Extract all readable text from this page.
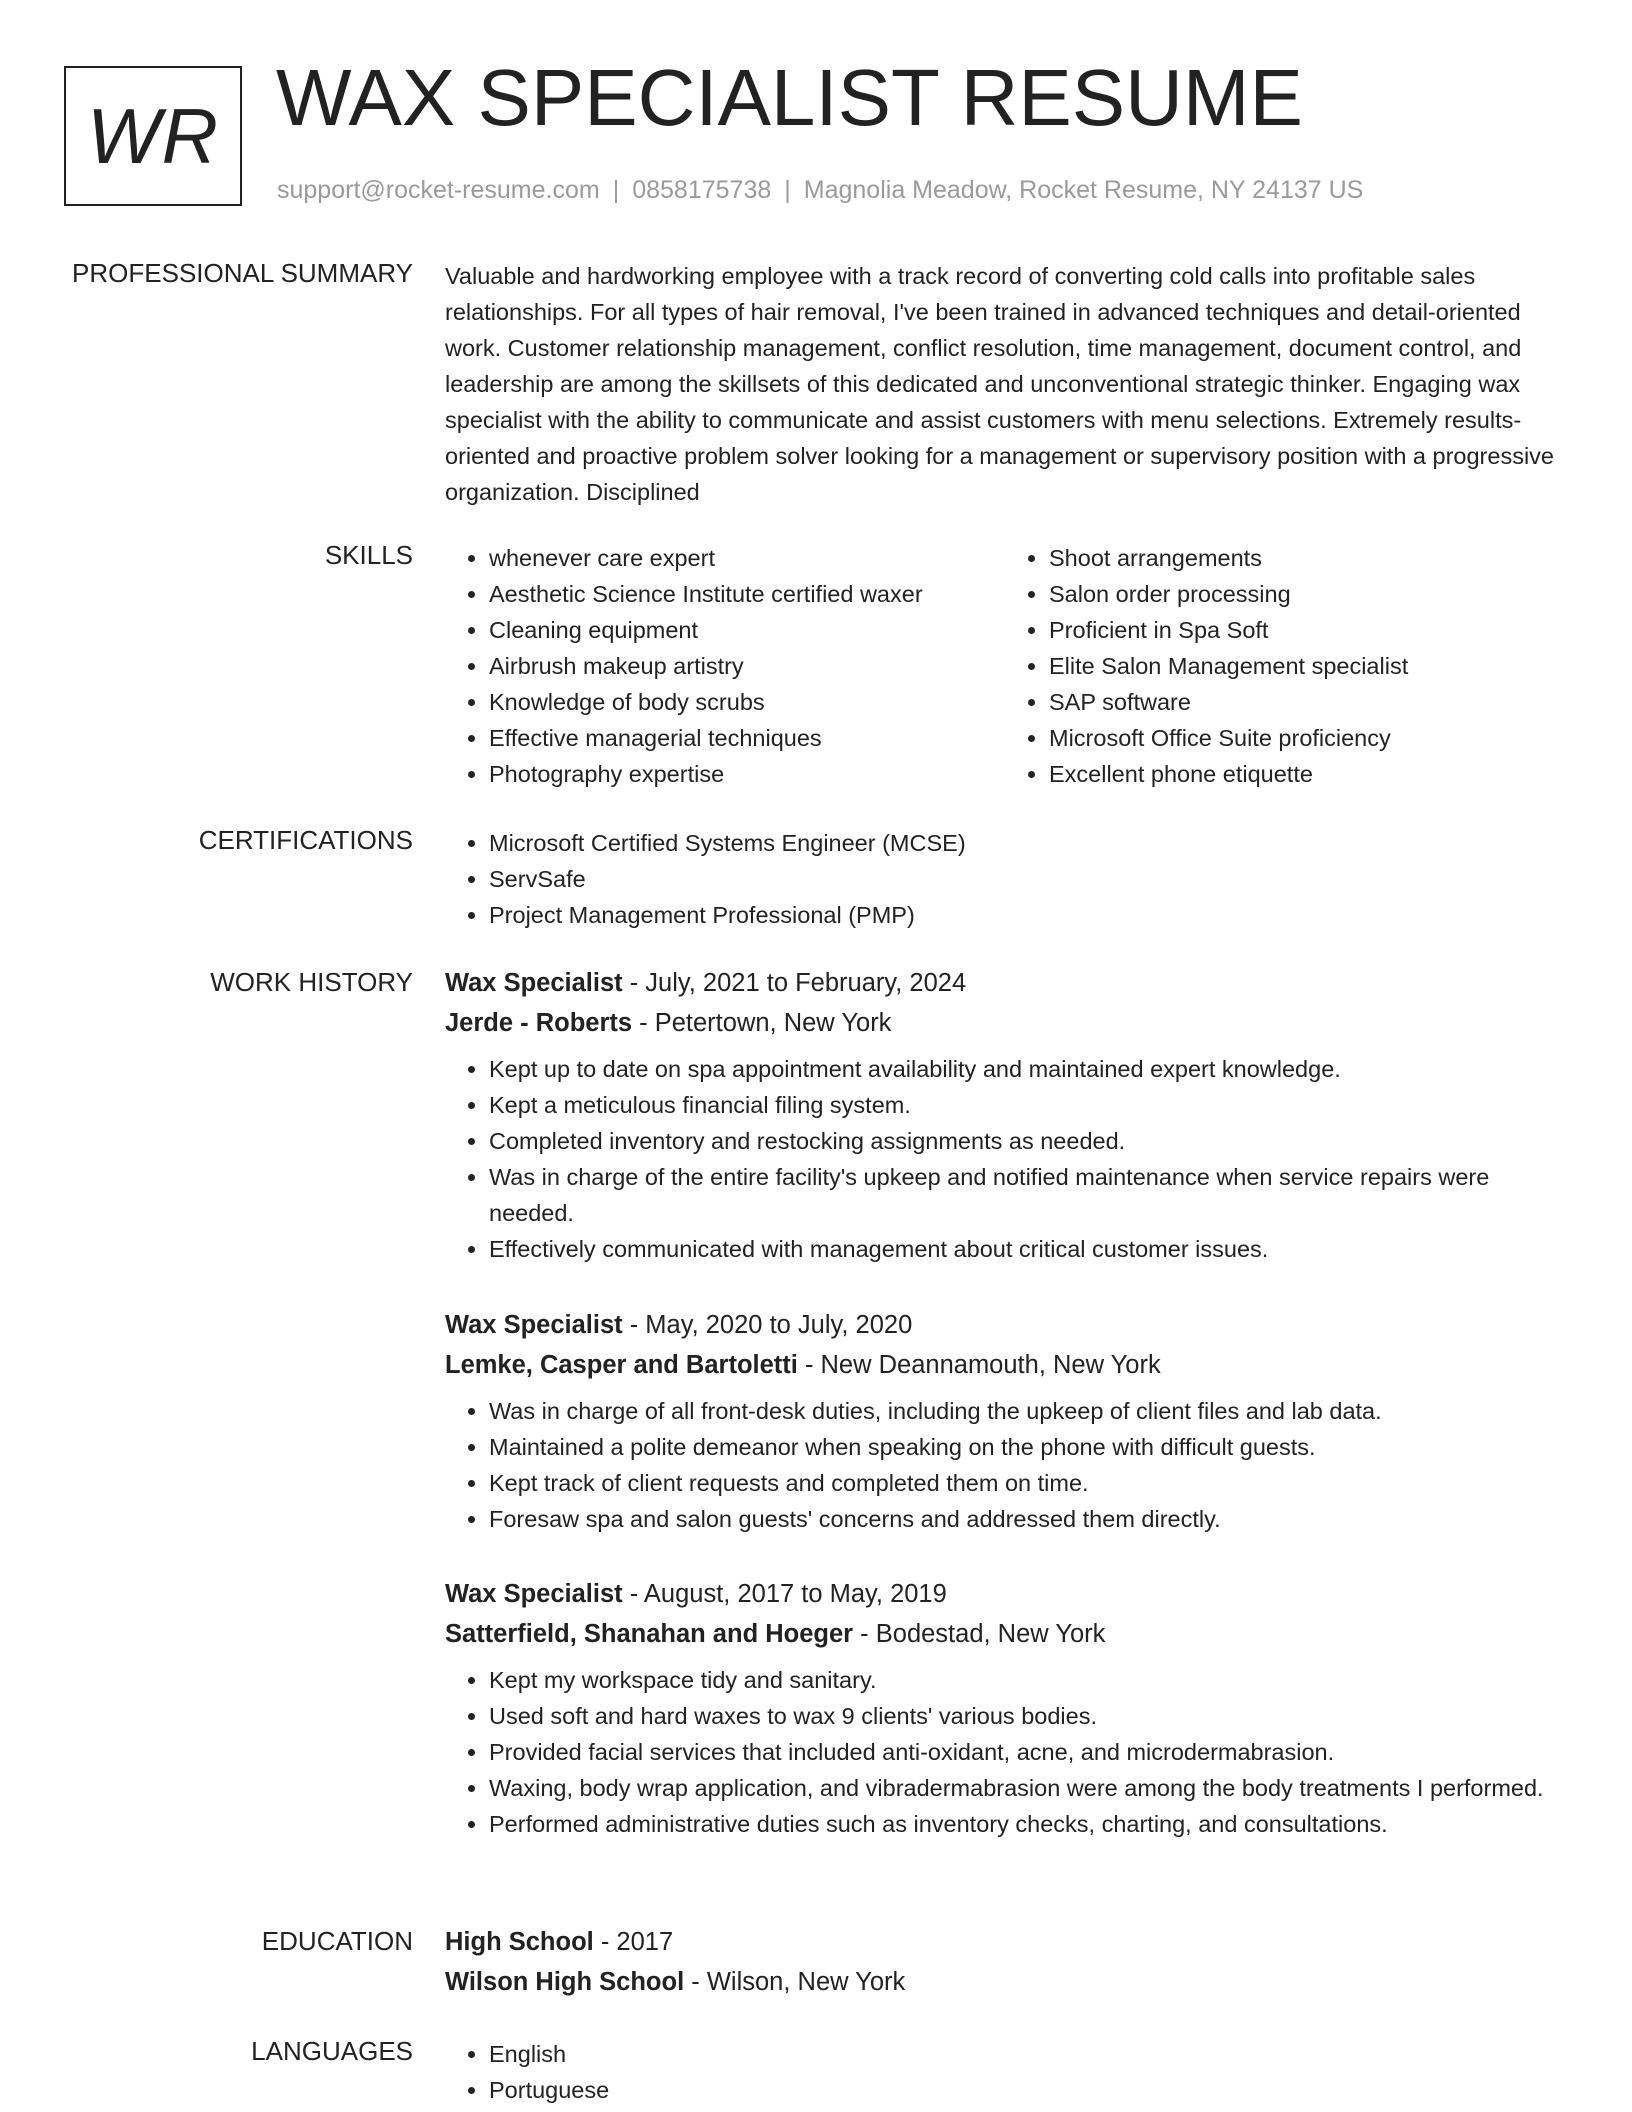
WR WAX SPECIALIST RESUME
support@rocket-resume.com | 0858175738 | Magnolia Meadow, Rocket Resume, NY 24137 US
PROFESSIONAL SUMMARY Valuable and hardworking employee with a track record of converting cold calls into profitable sales relationships. For all types of hair removal, I've been trained in advanced techniques and detail-oriented work. Customer relationship management, conflict resolution, time management, document control, and leadership are among the skillsets of this dedicated and unconventional strategic thinker. Engaging wax specialist with the ability to communicate and assist customers with menu selections. Extremely results-oriented and proactive problem solver looking for a management or supervisory position with a progressive organization. Disciplined
SKILLS	• whenever care expert
• Aesthetic Science Institute certified waxer
• Cleaning equipment
• Airbrush makeup artistry
• Knowledge of body scrubs
• Effective managerial techniques
• Photography expertise
• Shoot arrangements
• Salon order processing
• Proficient in Spa Soft
• Elite Salon Management specialist
• SAP software
• Microsoft Office Suite proficiency
• Excellent phone etiquette
CERTIFICATIONS	• Microsoft Certified Systems Engineer (MCSE)
• ServSafe
• Project Management Professional (PMP)
WORK HISTORY Wax Specialist - July, 2021 to February, 2024
Jerde - Roberts - Petertown, New York
• Kept up to date on spa appointment availability and maintained expert knowledge.
• Kept a meticulous financial filing system.
• Completed inventory and restocking assignments as needed.
• Was in charge of the entire facility's upkeep and notified maintenance when service repairs were needed.
• Effectively communicated with management about critical customer issues.
Wax Specialist - May, 2020 to July, 2020
Lemke, Casper and Bartoletti - New Deannamouth, New York
• Was in charge of all front-desk duties, including the upkeep of client files and lab data.
• Maintained a polite demeanor when speaking on the phone with difficult guests.
• Kept track of client requests and completed them on time.
• Foresaw spa and salon guests' concerns and addressed them directly.
Wax Specialist - August, 2017 to May, 2019
Satterfield, Shanahan and Hoeger - Bodestad, New York
• Kept my workspace tidy and sanitary.
• Used soft and hard waxes to wax 9 clients' various bodies.
• Provided facial services that included anti-oxidant, acne, and microdermabrasion.
• Waxing, body wrap application, and vibradermabrasion were among the body treatments I performed.
• Performed administrative duties such as inventory checks, charting, and consultations.
EDUCATION High School - 2017
Wilson High School - Wilson, New York
LANGUAGES	• English
• Portuguese
